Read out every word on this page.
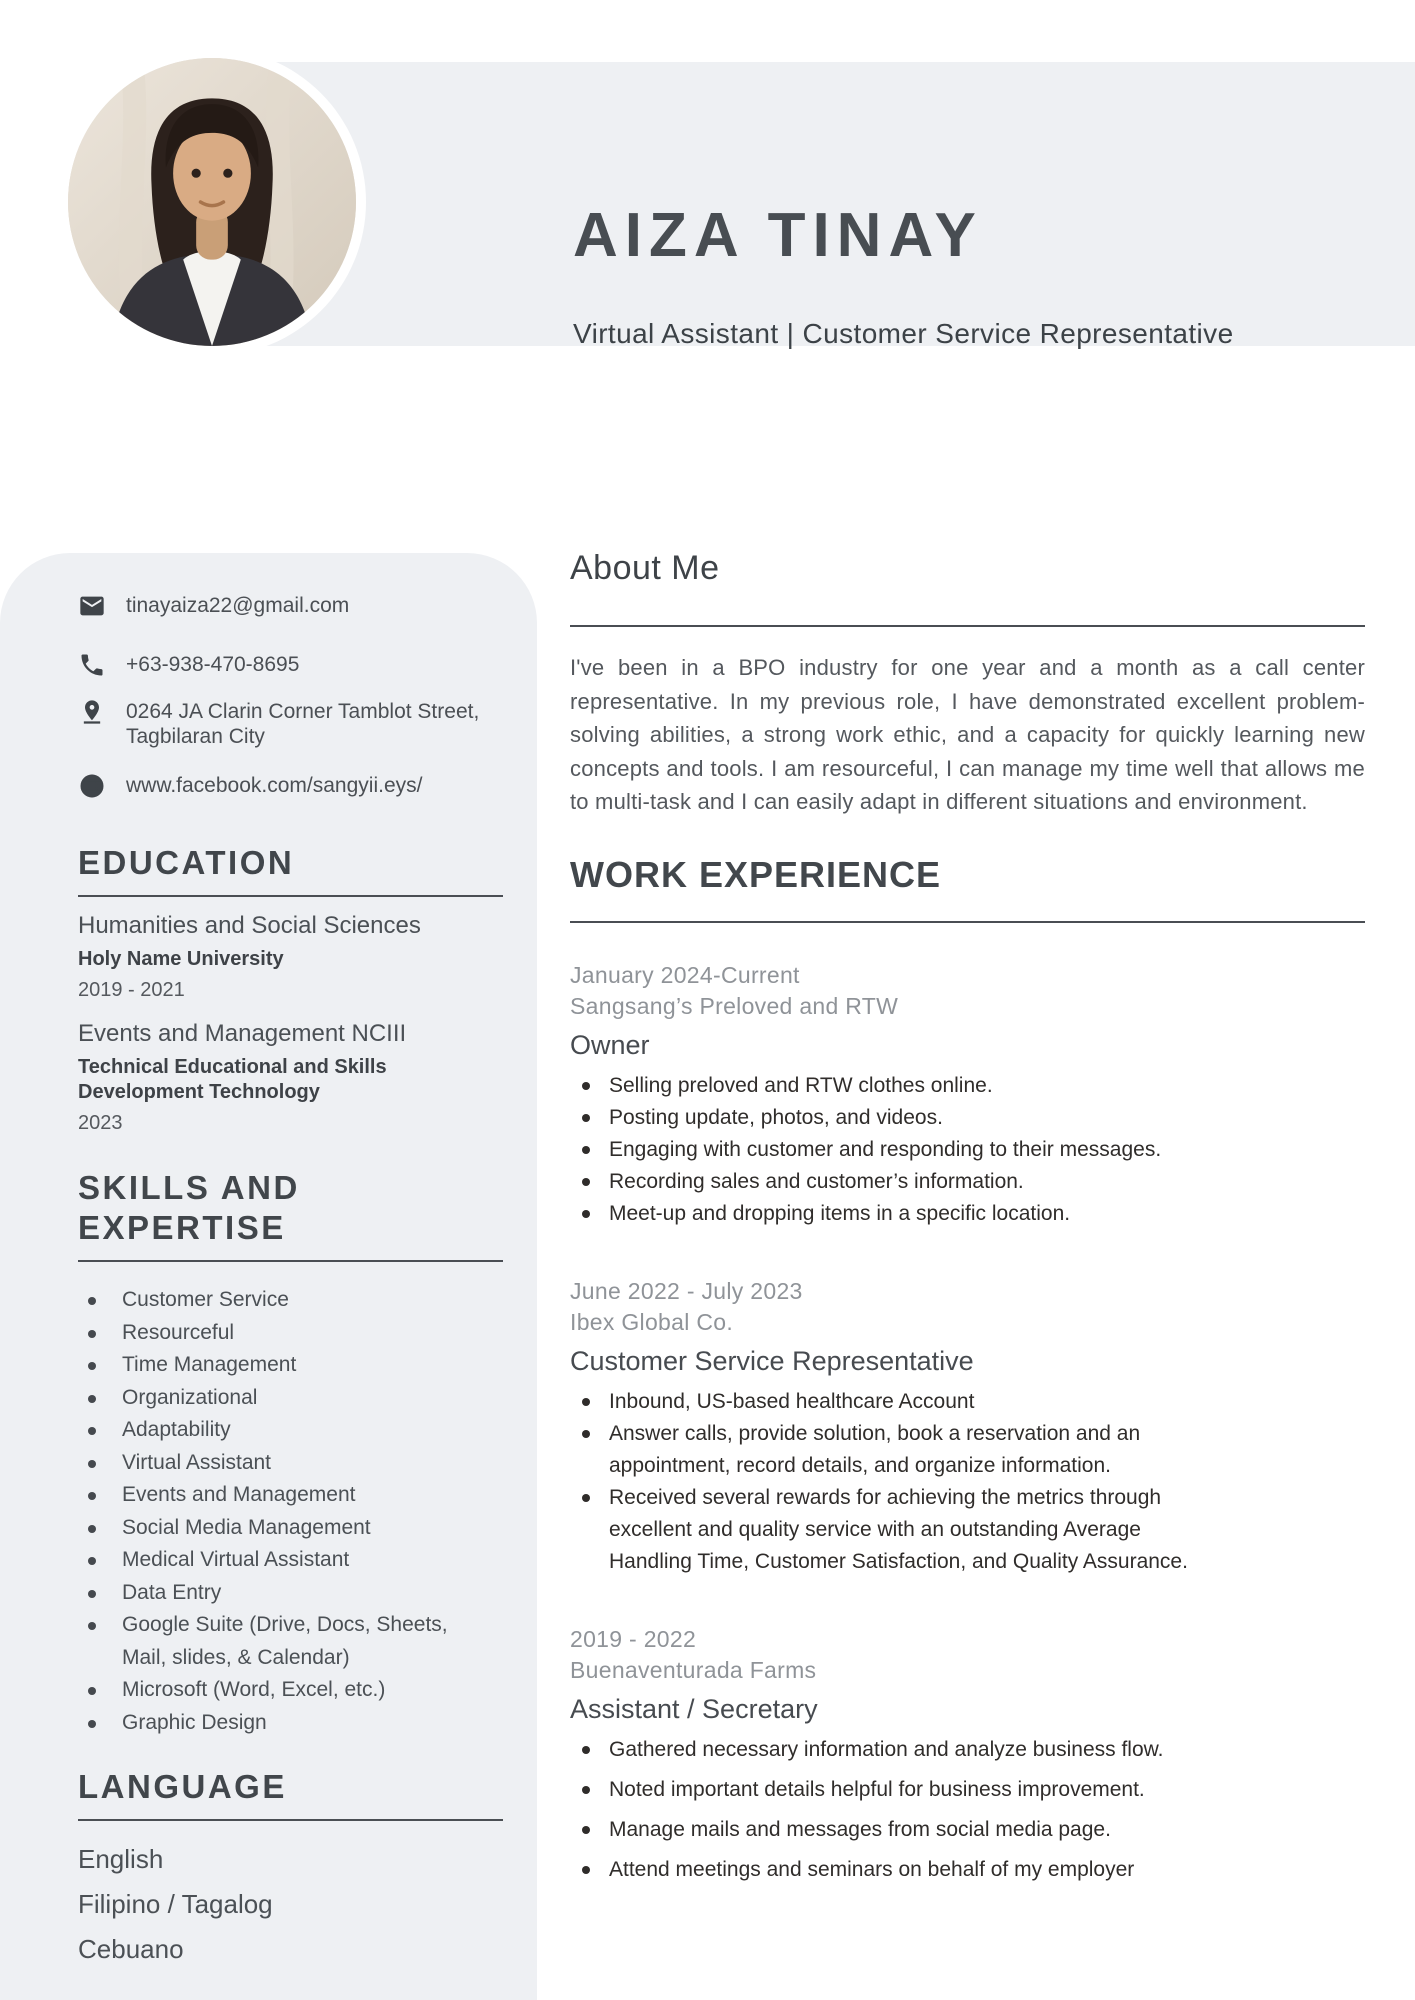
AIZA TINAY
Virtual Assistant | Customer Service Representative
tinayaiza22@gmail.com
+63-938-470-8695
0264 JA Clarin Corner Tamblot Street, Tagbilaran City
www.facebook.com/sangyii.eys/
EDUCATION
Humanities and Social Sciences
Holy Name University
2019 - 2021
Events and Management NCIII
Technical Educational and Skills Development Technology
2023
SKILLS AND EXPERTISE
Customer Service
Resourceful
Time Management
Organizational
Adaptability
Virtual Assistant
Events and Management
Social Media Management
Medical Virtual Assistant
Data Entry
Google Suite (Drive, Docs, Sheets, Mail, slides, & Calendar)
Microsoft (Word, Excel, etc.)
Graphic Design
LANGUAGE
English
Filipino / Tagalog
Cebuano
About Me

I've been in a BPO industry for one year and a month as a call center representative. In my previous role, I have demonstrated excellent problem-solving abilities, a strong work ethic, and a capacity for quickly learning new concepts and tools. I am resourceful, I can manage my time well that allows me to multi-task and I can easily adapt in different situations and environment.

WORK EXPERIENCE
January 2024-Current
Sangsang’s Preloved and RTW
Owner
Selling preloved and RTW clothes online.
Posting update, photos, and videos.
Engaging with customer and responding to their messages.
Recording sales and customer’s information.
Meet-up and dropping items in a specific location.
June 2022 - July 2023
Ibex Global Co.
Customer Service Representative
Inbound, US-based healthcare Account
Answer calls, provide solution, book a reservation and an appointment, record details, and organize information.
Received several rewards for achieving the metrics through excellent and quality service with an outstanding Average Handling Time, Customer Satisfaction, and Quality Assurance.
2019 - 2022
Buenaventurada Farms
Assistant / Secretary
Gathered necessary information and analyze business flow.
Noted important details helpful for business improvement.
Manage mails and messages from social media page.
Attend meetings and seminars on behalf of my employer
